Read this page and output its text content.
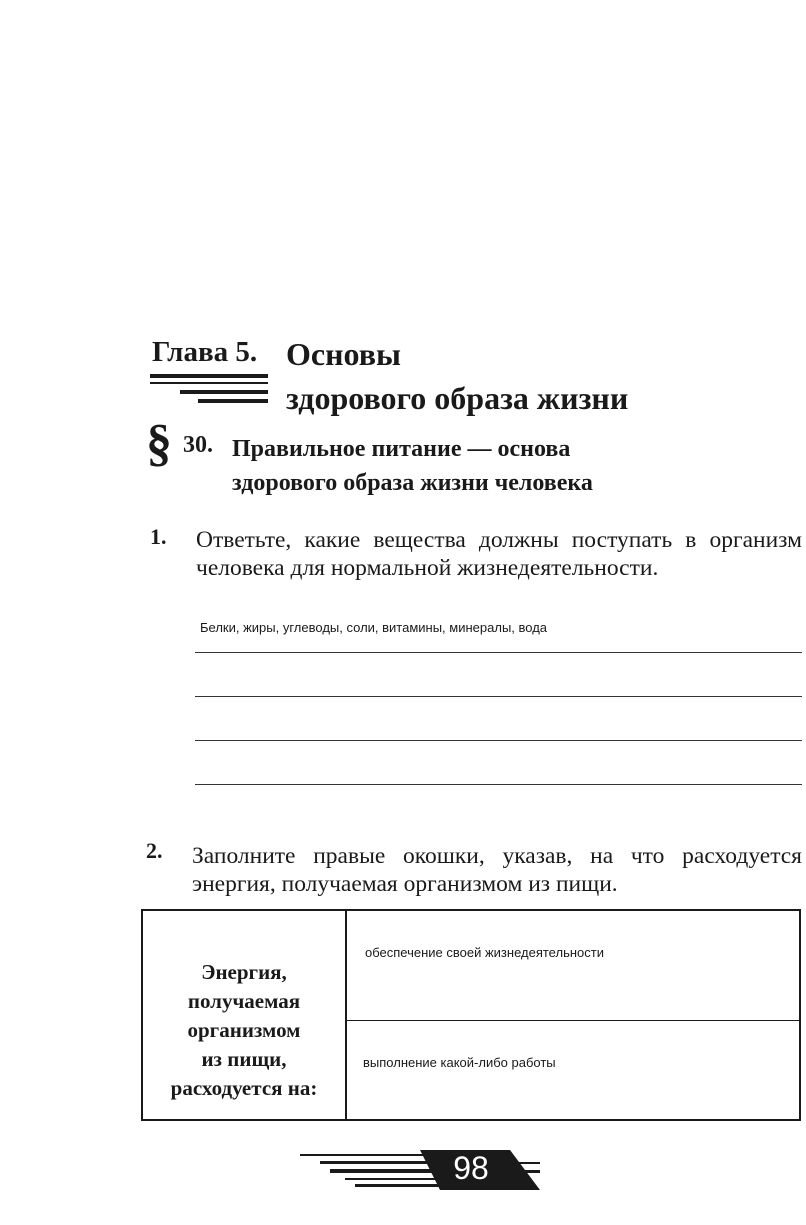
Глава 5. Основы
здорового образа жизни
§ 30. Правильное питание — основа
здорового образа жизни человека
1. Ответьте, какие вещества должны поступать в организм человека для нормальной жизнедеятельности.
Белки, жиры, углеводы, соли, витамины, минералы, вода
2. Заполните правые окошки, указав, на что расходуется энергия, получаемая организмом из пищи.
Энергия,
получаемая
организмом
из пищи,
расходуется на:
обеспечение своей жизнедеятельности
выполнение какой-либо работы
98
